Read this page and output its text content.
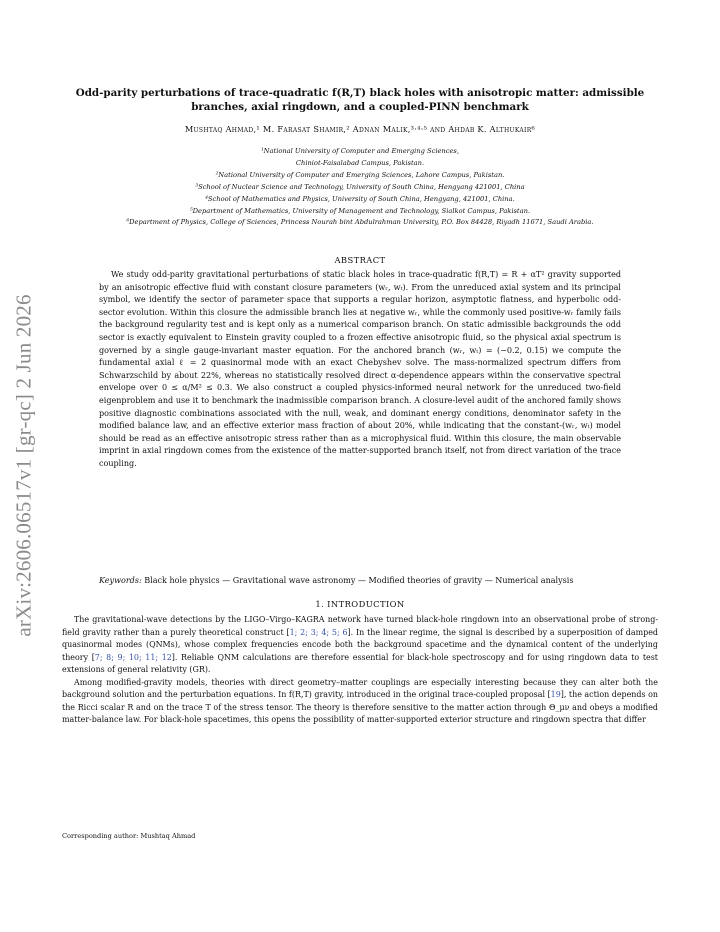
arXiv:2606.06517v1 [gr-qc] 2 Jun 2026
Odd-parity perturbations of trace-quadratic f(R,T) black holes with anisotropic matter: admissible branches, axial ringdown, and a coupled-PINN benchmark
Mushtaq Ahmad,¹ M. Farasat Shamir,² Adnan Malik,³·⁴·⁵ and Ahdab K. Althukair⁶
¹National University of Computer and Emerging Sciences,
Chiniot-Faisalabad Campus, Pakistan.
²National University of Computer and Emerging Sciences, Lahore Campus, Pakistan.
³School of Nuclear Science and Technology, University of South China, Hengyang 421001, China
⁴School of Mathematics and Physics, University of South China, Hengyang, 421001, China.
⁵Department of Mathematics, University of Management and Technology, Sialkot Campus, Pakistan.
⁶Department of Physics, College of Sciences, Princess Nourah bint Abdulrahman University, P.O. Box 84428, Riyadh 11671, Saudi Arabia.
ABSTRACT

We study odd-parity gravitational perturbations of static black holes in trace-quadratic f(R,T) = R + αT² gravity supported by an anisotropic effective fluid with constant closure parameters (wᵣ, wₜ). From the unreduced axial system and its principal symbol, we identify the sector of parameter space that supports a regular horizon, asymptotic flatness, and hyperbolic odd-sector evolution. Within this closure the admissible branch lies at negative wᵣ, while the commonly used positive-wᵣ family fails the background regularity test and is kept only as a numerical comparison branch. On static admissible backgrounds the odd sector is exactly equivalent to Einstein gravity coupled to a frozen effective anisotropic fluid, so the physical axial spectrum is governed by a single gauge-invariant master equation. For the anchored branch (wᵣ, wₜ) = (−0.2, 0.15) we compute the fundamental axial ℓ = 2 quasinormal mode with an exact Chebyshev solve. The mass-normalized spectrum differs from Schwarzschild by about 22%, whereas no statistically resolved direct α-dependence appears within the conservative spectral envelope over 0 ≤ α/M² ≤ 0.3. We also construct a coupled physics-informed neural network for the unreduced two-field eigenproblem and use it to benchmark the inadmissible comparison branch. A closure-level audit of the anchored family shows positive diagnostic combinations associated with the null, weak, and dominant energy conditions, denominator safety in the modified balance law, and an effective exterior mass fraction of about 20%, while indicating that the constant-(wᵣ, wₜ) model should be read as an effective anisotropic stress rather than as a microphysical fluid. Within this closure, the main observable imprint in axial ringdown comes from the existence of the matter-supported branch itself, not from direct variation of the trace coupling.

Keywords: Black hole physics — Gravitational wave astronomy — Modified theories of gravity — Numerical analysis
1. INTRODUCTION

The gravitational-wave detections by the LIGO–Virgo–KAGRA network have turned black-hole ringdown into an observational probe of strong-field gravity rather than a purely theoretical construct [1; 2; 3; 4; 5; 6]. In the linear regime, the signal is described by a superposition of damped quasinormal modes (QNMs), whose complex frequencies encode both the background spacetime and the dynamical content of the underlying theory [7; 8; 9; 10; 11; 12]. Reliable QNM calculations are therefore essential for black-hole spectroscopy and for using ringdown data to test extensions of general relativity (GR).

Among modified-gravity models, theories with direct geometry–matter couplings are especially interesting because they can alter both the background solution and the perturbation equations. In f(R,T) gravity, introduced in the original trace-coupled proposal [19], the action depends on the Ricci scalar R and on the trace T of the stress tensor. The theory is therefore sensitive to the matter action through Θ_μν and obeys a modified matter-balance law. For black-hole spacetimes, this opens the possibility of matter-supported exterior structure and ringdown spectra that differ

Corresponding author: Mushtaq Ahmad
